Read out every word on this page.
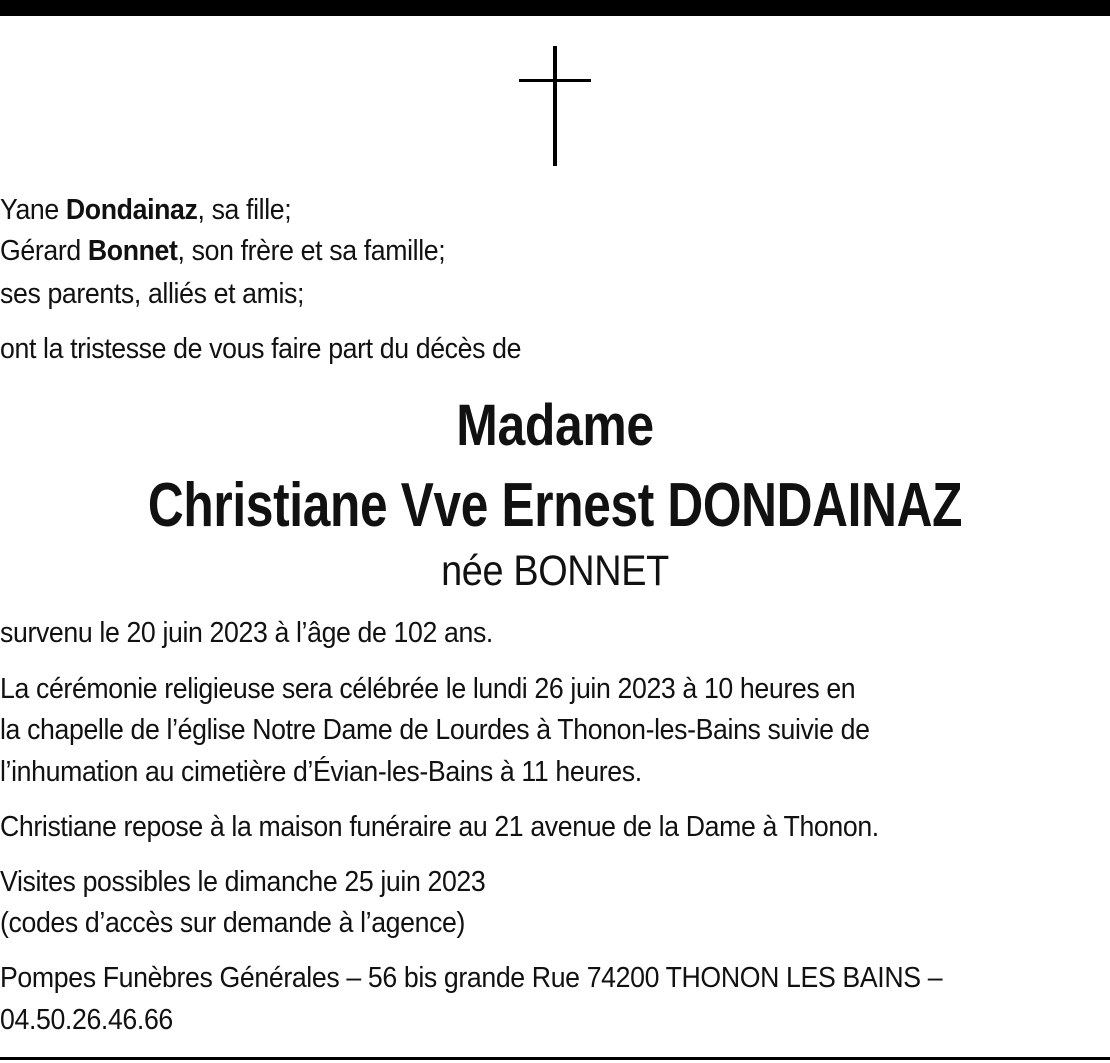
Yane Dondainaz, sa fille;
Gérard Bonnet, son frère et sa famille;
ses parents, alliés et amis;
ont la tristesse de vous faire part du décès de
Madame
Christiane Vve Ernest DONDAINAZ
née BONNET
survenu le 20 juin 2023 à l’âge de 102 ans.
La cérémonie religieuse sera célébrée le lundi 26 juin 2023 à 10 heures en
la chapelle de l’église Notre Dame de Lourdes à Thonon-les-Bains suivie de
l’inhumation au cimetière d’Évian-les-Bains à 11 heures.
Christiane repose à la maison funéraire au 21 avenue de la Dame à Thonon.
Visites possibles le dimanche 25 juin 2023
(codes d’accès sur demande à l’agence)
Pompes Funèbres Générales – 56 bis grande Rue 74200 THONON LES BAINS –
04.50.26.46.66
